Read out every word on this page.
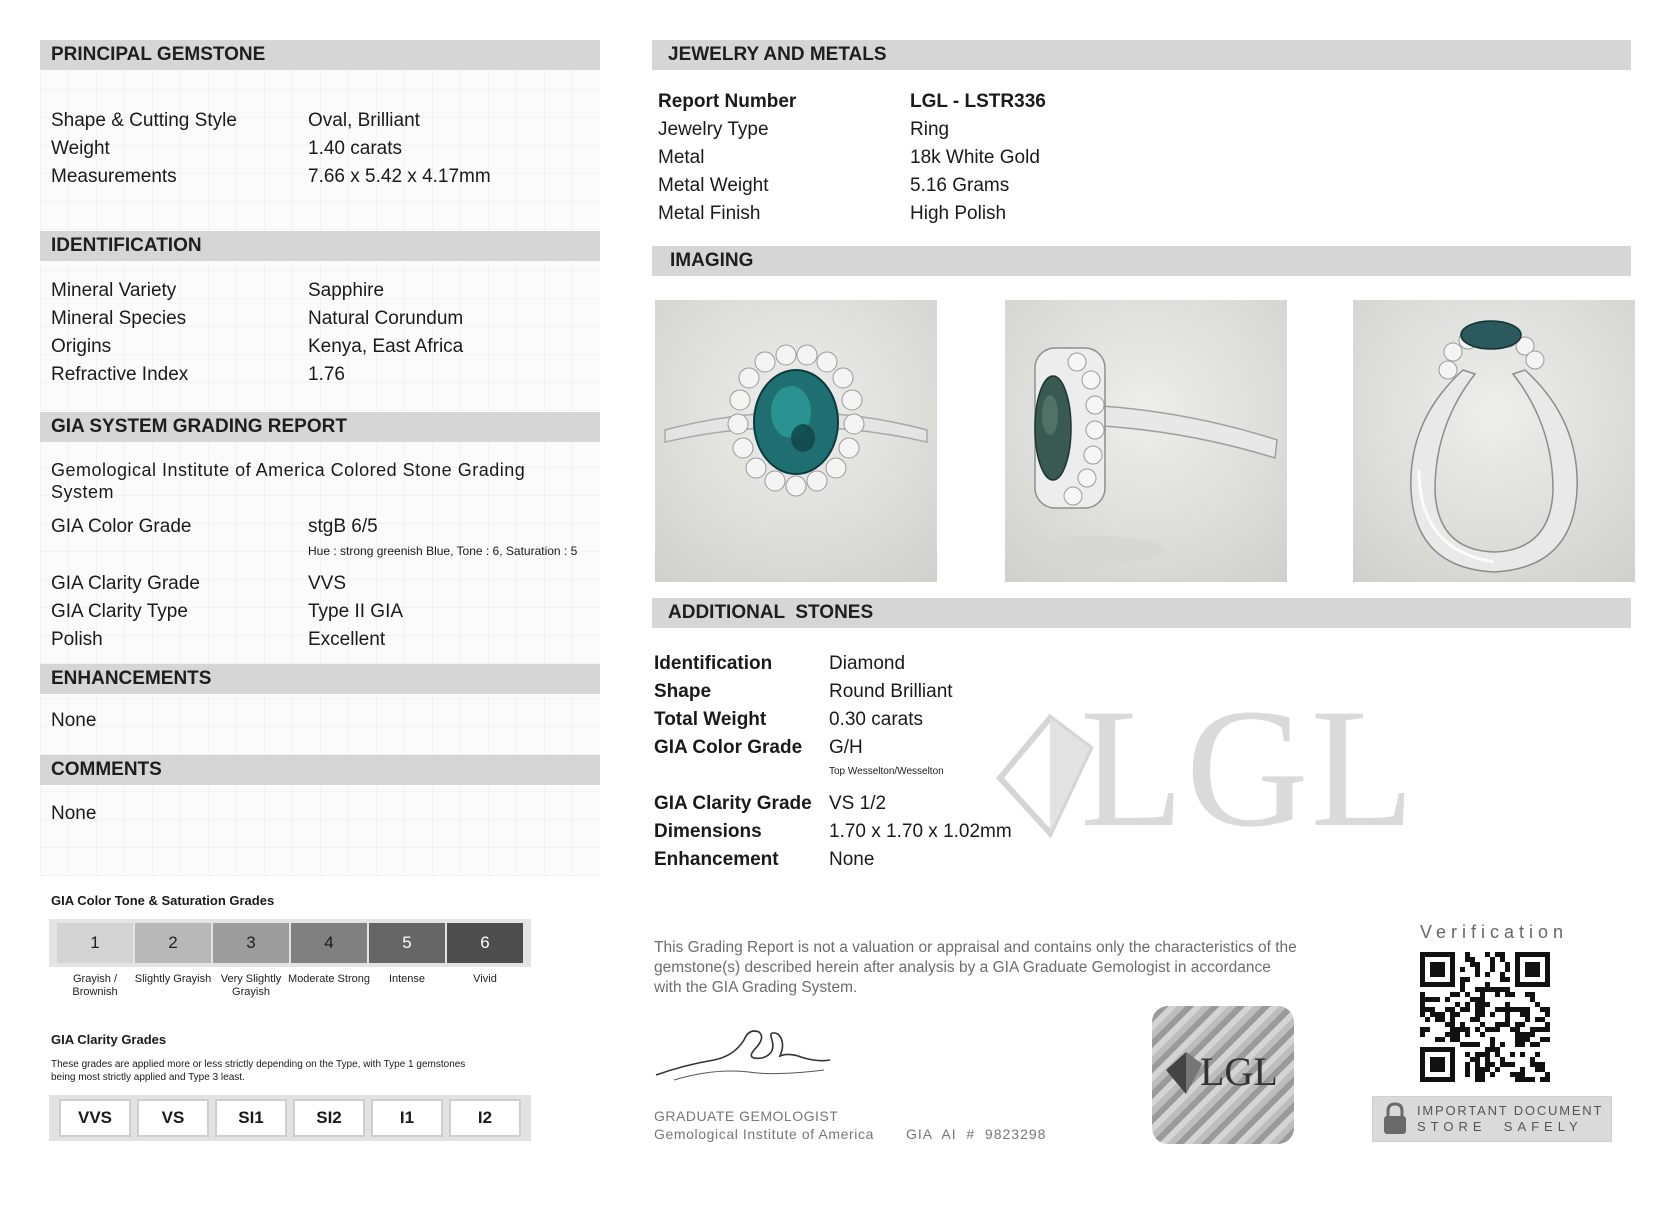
PRINCIPAL GEMSTONE
Shape & Cutting Style	Oval, Brilliant
Weight	1.40 carats
Measurements	7.66 x 5.42 x 4.17mm
IDENTIFICATION
Mineral Variety	Sapphire
Mineral Species	Natural Corundum
Origins	Kenya, East Africa
Refractive Index	1.76
GIA SYSTEM GRADING REPORT
Gemological Institute of America Colored Stone Grading System
GIA Color Grade	stgB 6/5
Hue : strong greenish Blue, Tone : 6, Saturation : 5
GIA Clarity Grade	VVS
GIA Clarity Type	Type II GIA
Polish	Excellent
ENHANCEMENTS
None
COMMENTS
None
GIA Color Tone & Saturation Grades
1
Grayish / Brownish
2
Slightly Grayish
3
Very Slightly Grayish
4
Moderate Strong
5
Intense
6
Vivid
GIA Clarity Grades
These grades are applied more or less strictly depending on the Type, with Type 1 gemstones being most strictly applied and Type 3 least.
VVS	VS	SI1	SI2	I1	I2
JEWELRY AND METALS
Report Number	LGL - LSTR336
Jewelry Type	Ring
Metal	18k White Gold
Metal Weight	5.16 Grams
Metal Finish	High Polish
IMAGING
ADDITIONAL  STONES
LGL
Identification	Diamond
Shape	Round Brilliant
Total Weight	0.30 carats
GIA Color Grade G/H
Top Wesselton/Wesselton
GIA Clarity Grade VS 1/2
Dimensions	1.70 x 1.70 x 1.02mm
Enhancement	None
This Grading Report is not a valuation or appraisal and contains only the characteristics of the gemstone(s) described herein after analysis by a GIA Graduate Gemologist in accordance with the GIA Grading System.
GRADUATE GEMOLOGIST
Gemological Institute of America GIA  AI  #  9823298
LGL
Verification
IMPORTANT DOCUMENT
STORE  SAFELY
